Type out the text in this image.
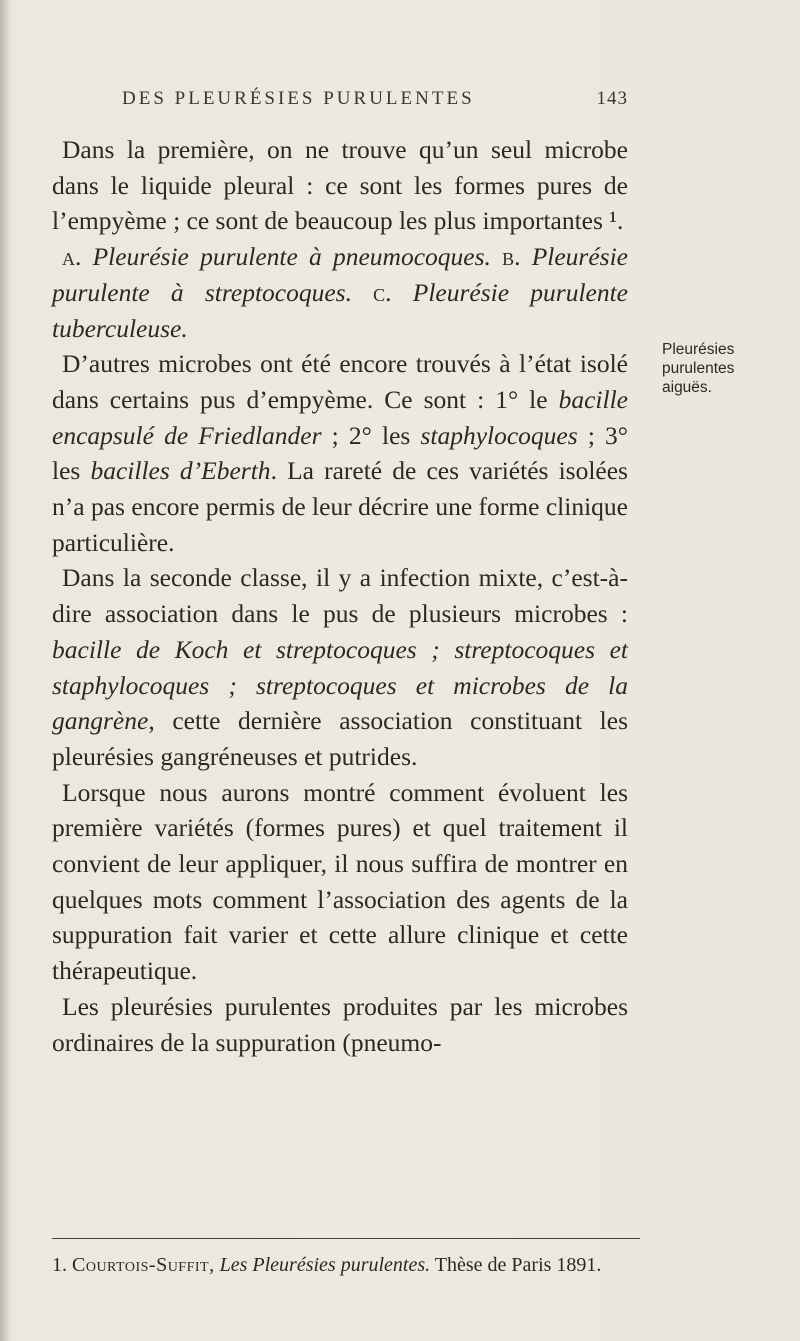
DES PLEURÉSIES PURULENTES	143

Dans la première, on ne trouve qu’un seul microbe dans le liquide pleural : ce sont les formes pures de l’empyème ; ce sont de beaucoup les plus importantes ¹.

a. Pleurésie purulente à pneumocoques. b. Pleurésie purulente à streptocoques. c. Pleurésie purulente tuberculeuse.

D’autres microbes ont été encore trouvés à l’état isolé dans certains pus d’empyème. Ce sont : 1° le bacille encapsulé de Friedlander ; 2° les staphylocoques ; 3° les bacilles d’Eberth. La rareté de ces variétés isolées n’a pas encore permis de leur décrire une forme clinique particulière.

Dans la seconde classe, il y a infection mixte, c’est-à-dire association dans le pus de plusieurs microbes : bacille de Koch et streptocoques ; streptocoques et staphylocoques ; streptocoques et microbes de la gangrène, cette dernière association constituant les pleurésies gangréneuses et putrides.

Lorsque nous aurons montré comment évoluent les première variétés (formes pures) et quel traitement il convient de leur appliquer, il nous suffira de montrer en quelques mots comment l’association des agents de la suppuration fait varier et cette allure clinique et cette thérapeutique.

Les pleurésies purulentes produites par les microbes ordinaires de la suppuration (pneumo-

Pleurésies purulentes aiguës.
1. Courtois-Suffit, Les Pleurésies purulentes. Thèse de Paris 1891.
